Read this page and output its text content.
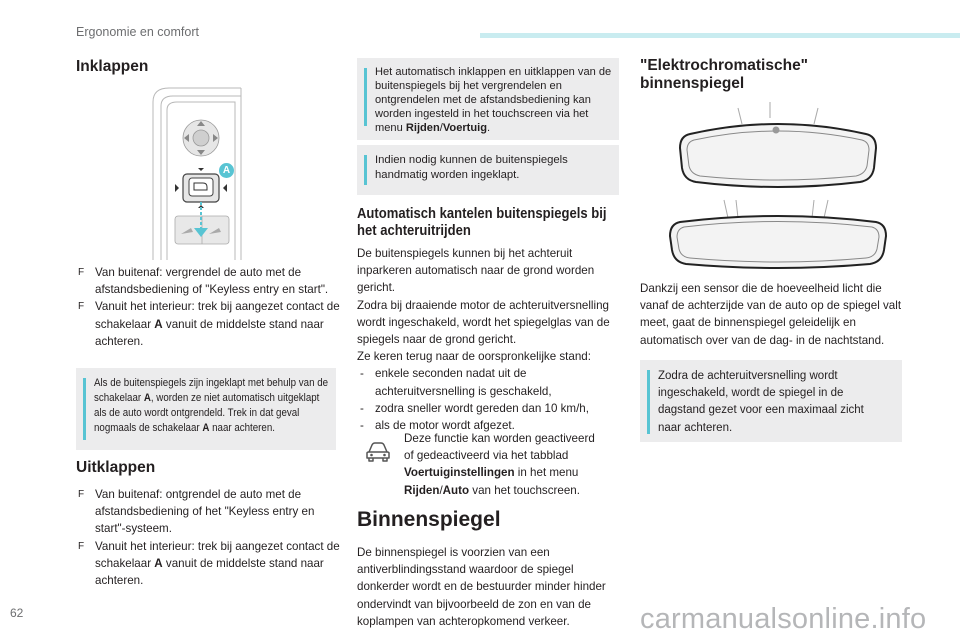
Ergonomie en comfort
Inklappen
A
F Van buitenaf: vergrendel de auto met de afstandsbediening of "Keyless entry en start".
F Vanuit het interieur: trek bij aangezet contact de schakelaar A vanuit de middelste stand naar achteren.
Als de buitenspiegels zijn ingeklapt met behulp van de schakelaar A, worden ze niet automatisch uitgeklapt als de auto wordt ontgrendeld. Trek in dat geval nogmaals de schakelaar A naar achteren.
Uitklappen
F Van buitenaf: ontgrendel de auto met de afstandsbediening of het "Keyless entry en start"-systeem.
F Vanuit het interieur: trek bij aangezet contact de schakelaar A vanuit de middelste stand naar achteren.
Het automatisch inklappen en uitklappen van de buitenspiegels bij het vergrendelen en ontgrendelen met de afstandsbediening kan worden ingesteld in het touchscreen via het menu Rijden/Voertuig.
Indien nodig kunnen de buitenspiegels handmatig worden ingeklapt.
Automatisch kantelen buitenspiegels bij het achteruitrijden
De buitenspiegels kunnen bij het achteruit inparkeren automatisch naar de grond worden gericht.
Zodra bij draaiende motor de achteruitversnelling wordt ingeschakeld, wordt het spiegelglas van de spiegels naar de grond gericht.
Ze keren terug naar de oorspronkelijke stand:
- enkele seconden nadat uit de achteruitversnelling is geschakeld,
- zodra sneller wordt gereden dan 10 km/h,
- als de motor wordt afgezet.
Deze functie kan worden geactiveerd of gedeactiveerd via het tabblad Voertuiginstellingen in het menu Rijden/Auto van het touchscreen.
Binnenspiegel
De binnenspiegel is voorzien van een antiverblindingsstand waardoor de spiegel donkerder wordt en de bestuurder minder hinder ondervindt van bijvoorbeeld de zon en van de koplampen van achteropkomend verkeer.
"Elektrochromatische"
binnenspiegel
Dankzij een sensor die de hoeveelheid licht die vanaf de achterzijde van de auto op de spiegel valt meet, gaat de binnenspiegel geleidelijk en automatisch over van de dag- in de nachtstand.
Zodra de achteruitversnelling wordt ingeschakeld, wordt de spiegel in de dagstand gezet voor een maximaal zicht naar achteren.
62	carmanualsonline.info
